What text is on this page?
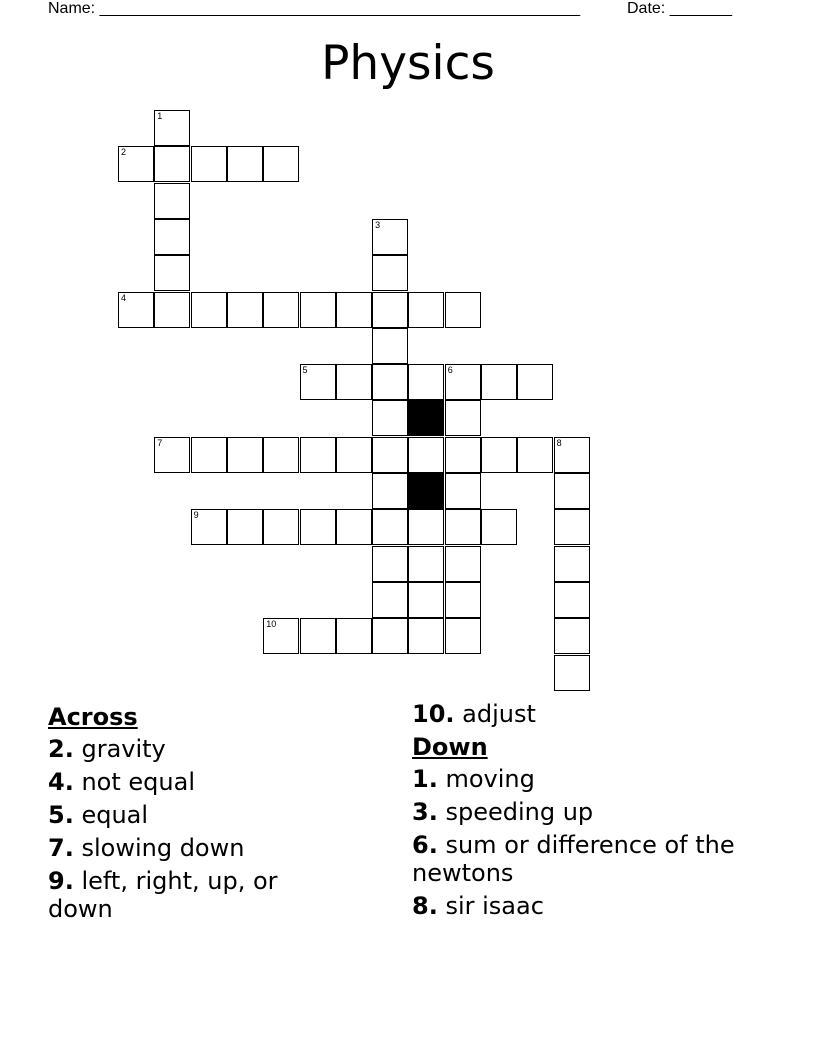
Name: ______________________________________________________	Date: _______
Physics
1
2
3
4
5	6
7	8
9
10
Across
2. gravity
4. not equal
5. equal
7. slowing down
9. left, right, up, or down
10. adjust
Down
1. moving
3. speeding up
6. sum or difference of the newtons
8. sir isaac
